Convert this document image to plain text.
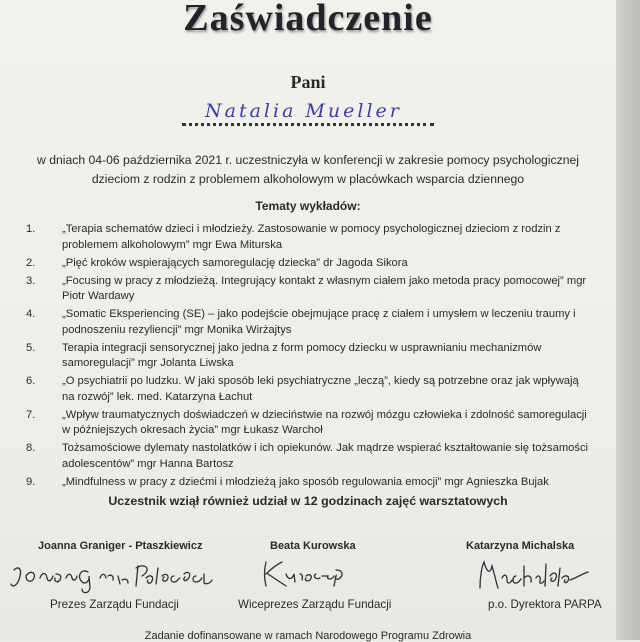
Zaświadczenie
Pani
Natalia Mueller
w dniach 04-06 października 2021 r. uczestniczyła w konferencji w zakresie pomocy psychologicznej
dzieciom z rodzin z problemem alkoholowym w placówkach wsparcia dziennego
Tematy wykładów:
1. „Terapia schematów dzieci i młodzieży. Zastosowanie w pomocy psychologicznej dzieciom z rodzin z problemem alkoholowym” mgr Ewa Miturska
2. „Pięć kroków wspierających samoregulację dziecka” dr Jagoda Sikora
3. „Focusing w pracy z młodzieżą. Integrujący kontakt z własnym ciałem jako metoda pracy pomocowej” mgr Piotr Wardawy
4. „Somatic Eksperiencing (SE) – jako podejście obejmujące pracę z ciałem i umysłem w leczeniu traumy i podnoszeniu rezyliencji” mgr Monika Wirżajtys
5. Terapia integracji sensorycznej jako jedna z form pomocy dziecku w usprawnianiu mechanizmów samoregulacji” mgr Jolanta Liwska
6. „O psychiatrii po ludzku. W jaki sposób leki psychiatryczne „leczą”, kiedy są potrzebne oraz jak wpływają na rozwój” lek. med. Katarzyna Łachut
7. „Wpływ traumatycznych doświadczeń w dzieciństwie na rozwój mózgu człowieka i zdolność samoregulacji w późniejszych okresach życia” mgr Łukasz Warchoł
8. Tożsamościowe dylematy nastolatków i ich opiekunów. Jak mądrze wspierać kształtowanie się tożsamości adolescentów” mgr Hanna Bartosz
9. „Mindfulness w pracy z dziećmi i młodzieżą jako sposób regulowania emocji” mgr Agnieszka Bujak
Uczestnik wziął również udział w 12 godzinach zajęć warsztatowych
Joanna Graniger - Ptaszkiewicz
Prezes Zarządu Fundacji
Beata Kurowska
Wiceprezes Zarządu Fundacji
Katarzyna Michalska
p.o. Dyrektora PARPA
Zadanie dofinansowane w ramach Narodowego Programu Zdrowia
